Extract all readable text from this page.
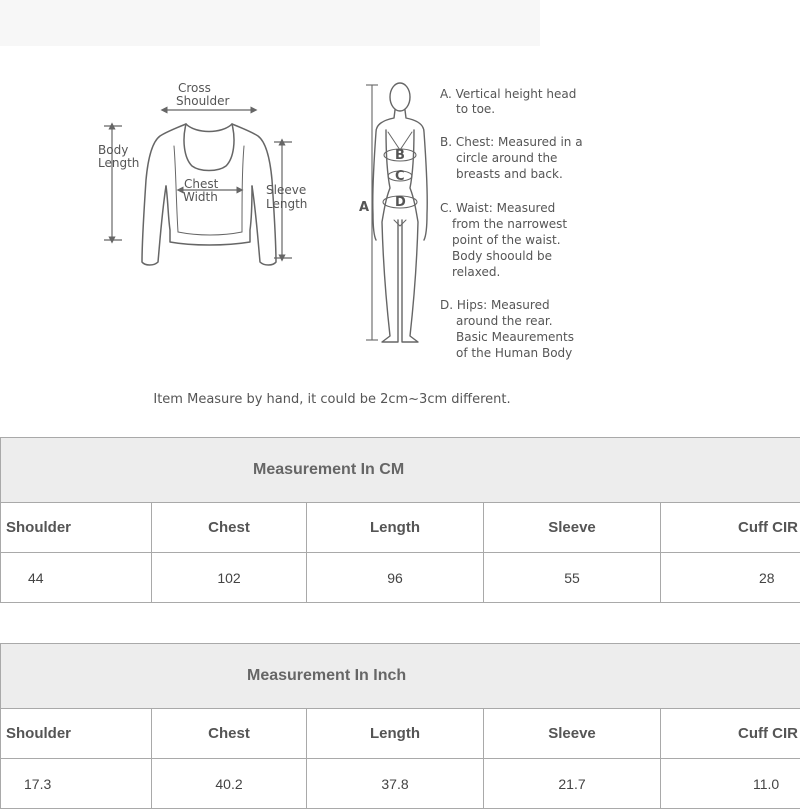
Cross
Shoulder
Body
Length
Chest
Width	Sleeve
Length	A
B
C
D
A. Vertical height head
to toe.
B. Chest: Measured in a
circle around the
breasts and back.
C. Waist: Measured
from the narrowest
point of the waist.
Body shoould be
relaxed.
D. Hips: Measured
around the rear.
Basic Meaurements
of the Human Body
Item Measure by hand, it could be 2cm~3cm different.
Measurement In CM				
Shoulder	Chest	Length	Sleeve	Cuff CIR
44	102	96	55	28
Measurement In Inch				
Shoulder	Chest	Length	Sleeve	Cuff CIR
17.3	40.2	37.8	21.7	11.0
